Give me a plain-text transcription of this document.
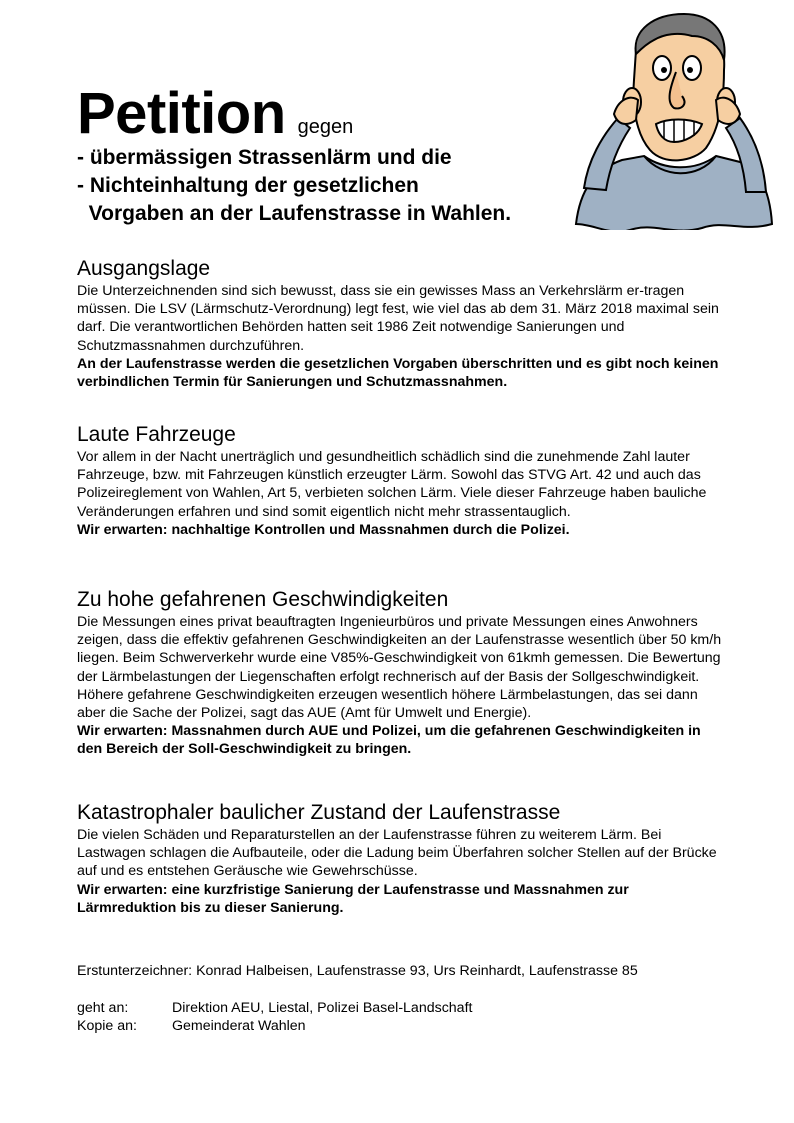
Petition gegen
- übermässigen Strassenlärm und die
- Nichteinhaltung der gesetzlichen
Vorgaben an der Laufenstrasse in Wahlen.
Ausgangslage

Die Unterzeichnenden sind sich bewusst, dass sie ein gewisses Mass an Verkehrslärm er-tragen müssen. Die LSV (Lärmschutz-Verordnung) legt fest, wie viel das ab dem 31. März 2018 maximal sein darf. Die verantwortlichen Behörden hatten seit 1986 Zeit notwendige Sanierungen und Schutzmassnahmen durchzuführen.

An der Laufenstrasse werden die gesetzlichen Vorgaben überschritten und es gibt noch keinen verbindlichen Termin für Sanierungen und Schutzmassnahmen.

Laute Fahrzeuge

Vor allem in der Nacht unerträglich und gesundheitlich schädlich sind die zunehmende Zahl lauter Fahrzeuge, bzw. mit Fahrzeugen künstlich erzeugter Lärm. Sowohl das STVG Art. 42 und auch das Polizeireglement von Wahlen, Art 5, verbieten solchen Lärm. Viele dieser Fahrzeuge haben bauliche Veränderungen erfahren und sind somit eigentlich nicht mehr strassentauglich.

Wir erwarten: nachhaltige Kontrollen und Massnahmen durch die Polizei.

Zu hohe gefahrenen Geschwindigkeiten

Die Messungen eines privat beauftragten Ingenieurbüros und private Messungen eines Anwohners zeigen, dass die effektiv gefahrenen Geschwindigkeiten an der Laufenstrasse wesentlich über 50 km/h liegen. Beim Schwerverkehr wurde eine V85%-Geschwindigkeit von 61kmh gemessen. Die Bewertung der Lärmbelastungen der Liegenschaften erfolgt rechnerisch auf der Basis der Sollgeschwindigkeit. Höhere gefahrene Geschwindigkeiten erzeugen wesentlich höhere Lärmbelastungen, das sei dann aber die Sache der Polizei, sagt das AUE (Amt für Umwelt und Energie).

Wir erwarten: Massnahmen durch AUE und Polizei, um die gefahrenen Geschwindigkeiten in den Bereich der Soll-Geschwindigkeit zu bringen.

Katastrophaler baulicher Zustand der Laufenstrasse

Die vielen Schäden und Reparaturstellen an der Laufenstrasse führen zu weiterem Lärm. Bei Lastwagen schlagen die Aufbauteile, oder die Ladung beim Überfahren solcher Stellen auf der Brücke auf und es entstehen Geräusche wie Gewehrschüsse.

Wir erwarten: eine kurzfristige Sanierung der Laufenstrasse und Massnahmen zur Lärmreduktion bis zu dieser Sanierung.

Erstunterzeichner: Konrad Halbeisen, Laufenstrasse 93, Urs Reinhardt, Laufenstrasse 85
geht an:	Direktion AEU, Liestal, Polizei Basel-Landschaft
Kopie an: Gemeinderat Wahlen
